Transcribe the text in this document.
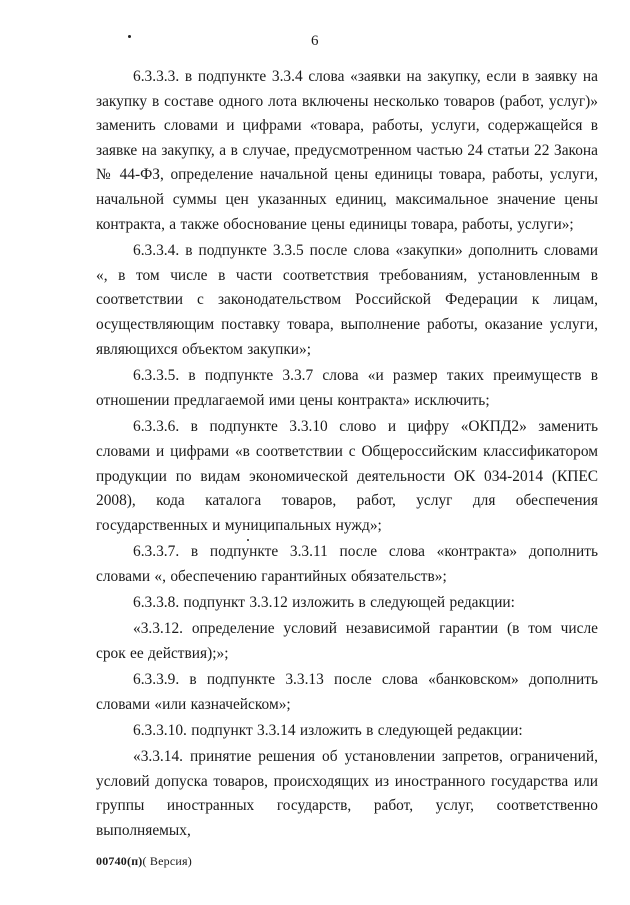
6

6.3.3.3. в подпункте 3.3.4 слова «заявки на закупку, если в заявку на закупку в составе одного лота включены несколько товаров (работ, услуг)» заменить словами и цифрами «товара, работы, услуги, содержащейся в заявке на закупку, а в случае, предусмотренном частью 24 статьи 22 Закона № 44-ФЗ, определение начальной цены единицы товара, работы, услуги, начальной суммы цен указанных единиц, максимальное значение цены контракта, а также обоснование цены единицы товара, работы, услуги»;

6.3.3.4. в подпункте 3.3.5 после слова «закупки» дополнить словами «, в том числе в части соответствия требованиям, установленным в соответствии с законодательством Российской Федерации к лицам, осуществляющим поставку товара, выполнение работы, оказание услуги, являющихся объектом закупки»;

6.3.3.5. в подпункте 3.3.7 слова «и размер таких преимуществ в отношении предлагаемой ими цены контракта» исключить;

6.3.3.6. в подпункте 3.3.10 слово и цифру «ОКПД2» заменить словами и цифрами «в соответствии с Общероссийским классификатором продукции по видам экономической деятельности ОК 034-2014 (КПЕС 2008), кода каталога товаров, работ, услуг для обеспечения государственных и муниципальных нужд»;

6.3.3.7. в подпункте 3.3.11 после слова «контракта» дополнить словами «, обеспечению гарантийных обязательств»;

6.3.3.8. подпункт 3.3.12 изложить в следующей редакции:

«3.3.12. определение условий независимой гарантии (в том числе срок ее действия);»;

6.3.3.9. в подпункте 3.3.13 после слова «банковском» дополнить словами «или казначейском»;

6.3.3.10. подпункт 3.3.14 изложить в следующей редакции:

«3.3.14. принятие решения об установлении запретов, ограничений, условий допуска товаров, происходящих из иностранного государства или группы иностранных государств, работ, услуг, соответственно выполняемых,

00740(п)( Версия)
